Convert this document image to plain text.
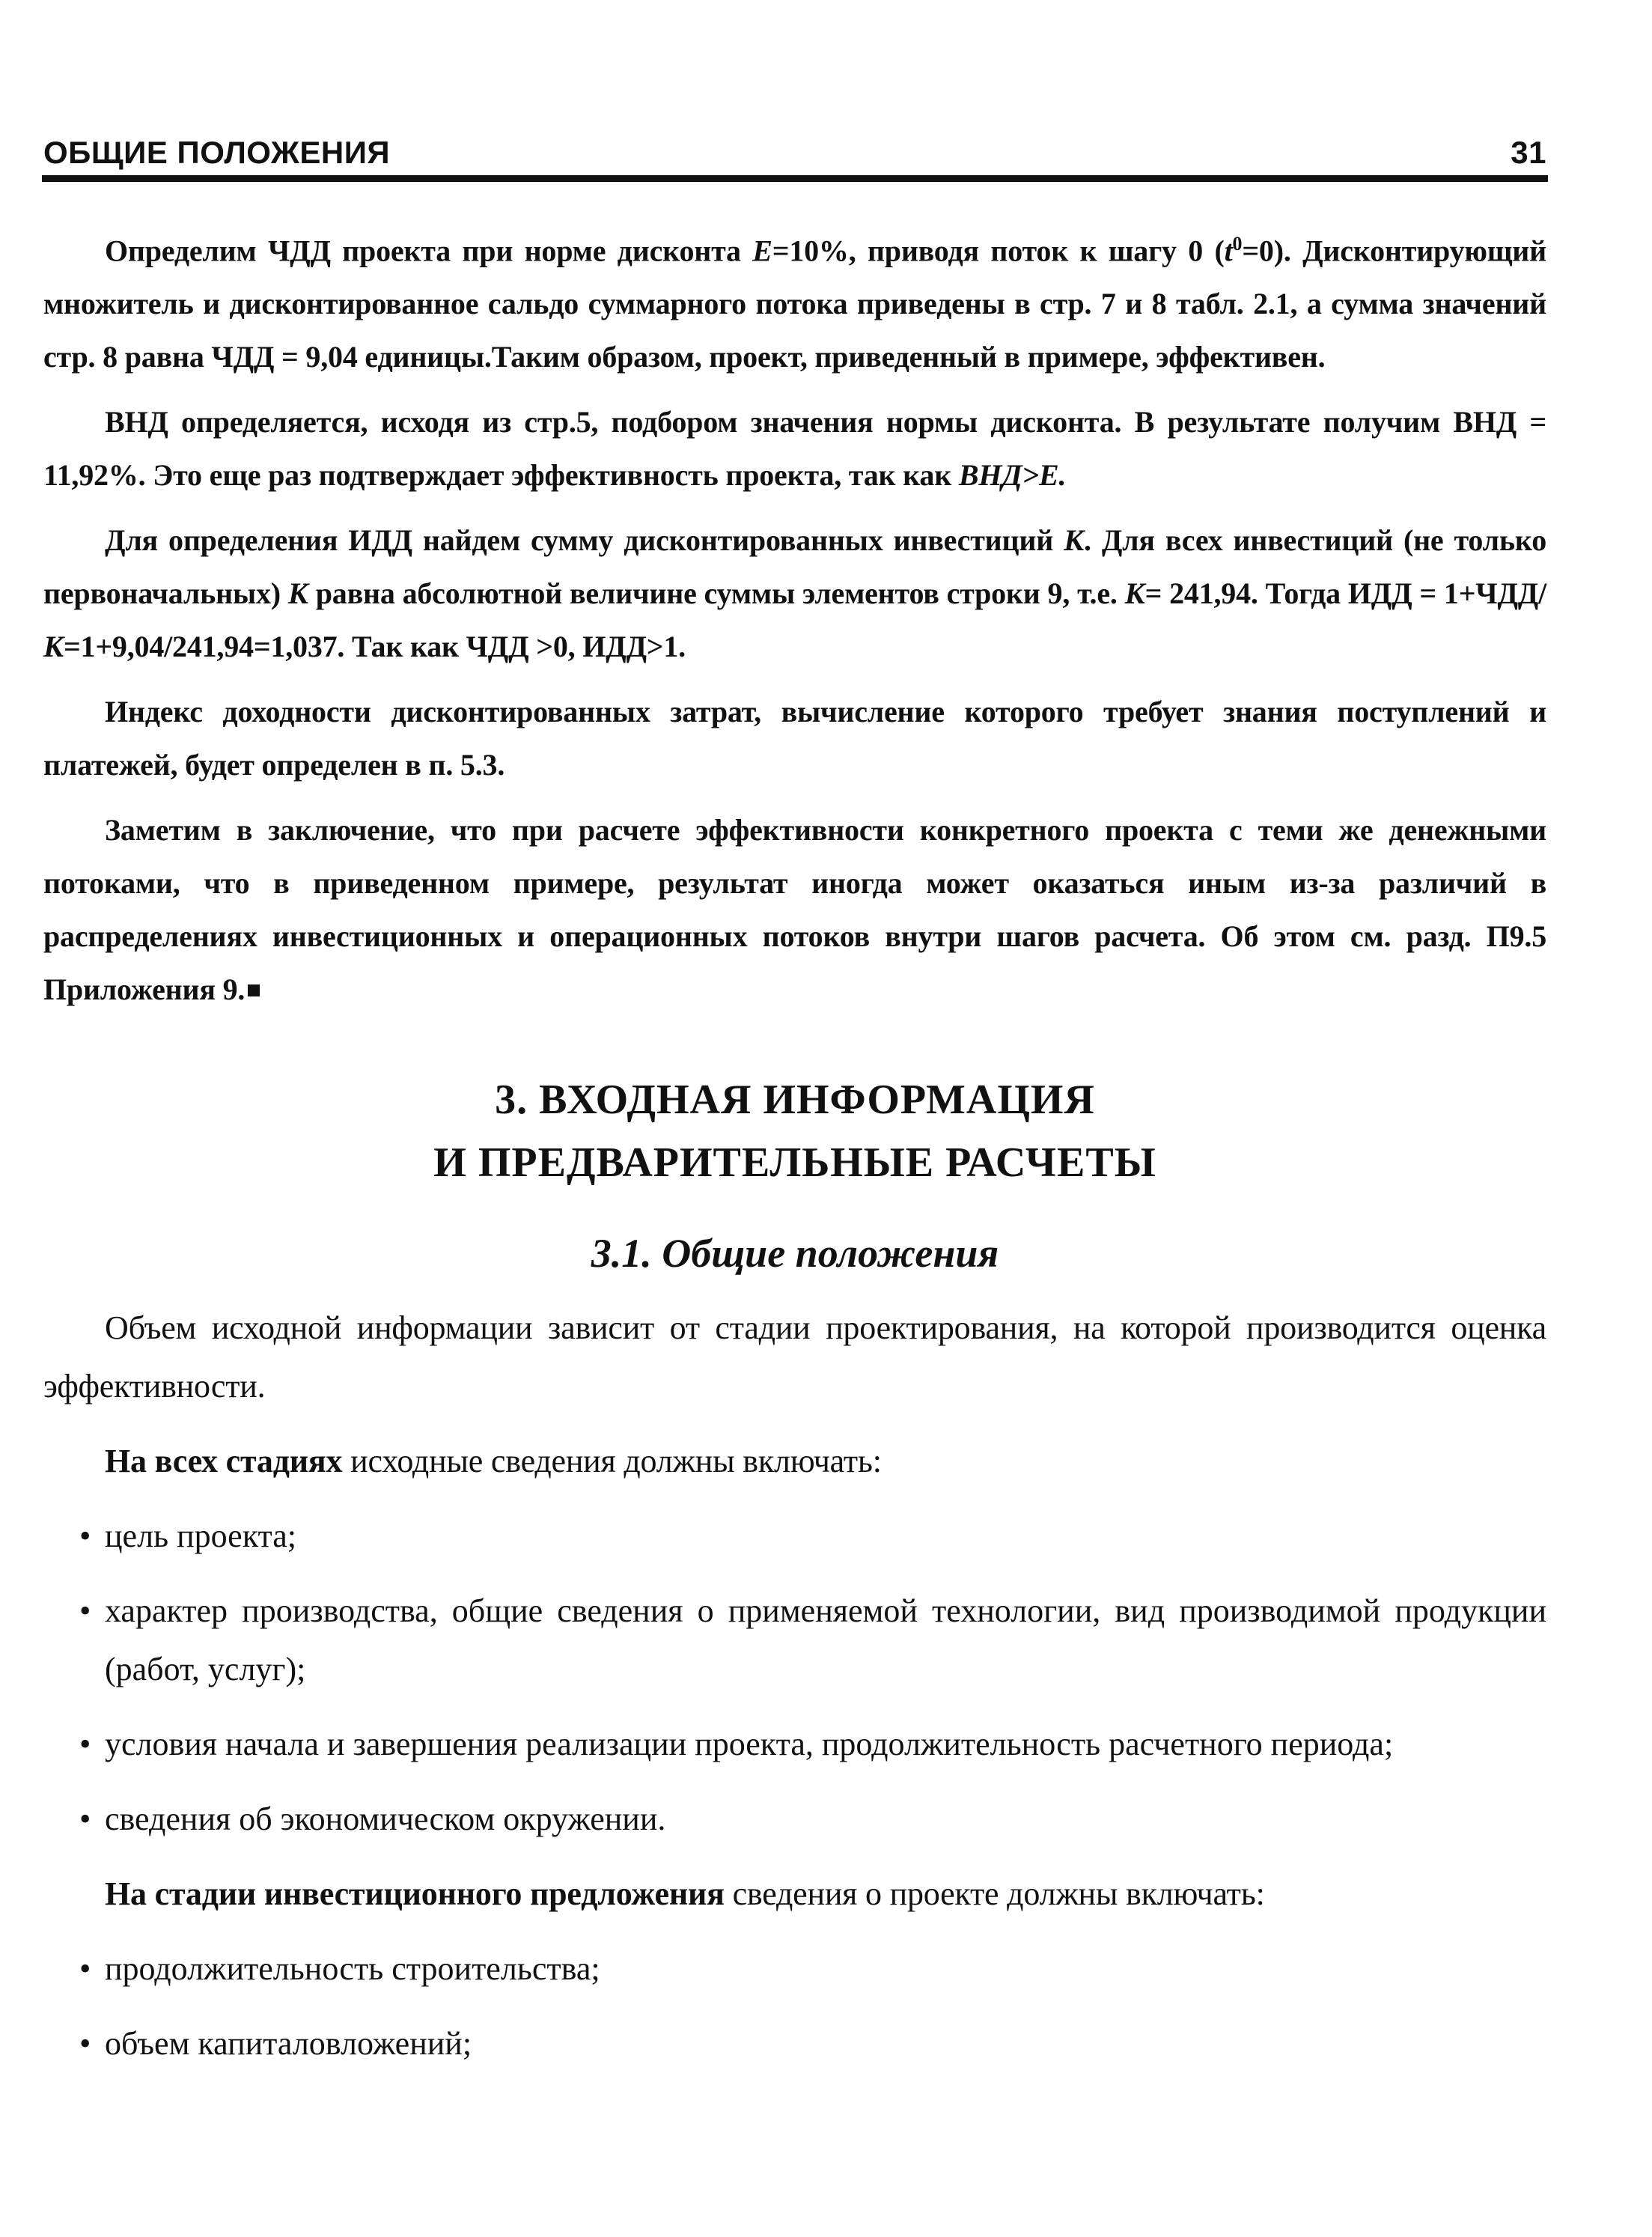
ОБЩИЕ ПОЛОЖЕНИЯ	31

Определим ЧДД проекта при норме дисконта E=10%, приводя поток к шагу 0 $(t^0=0)$. Дисконтирующий множитель и дисконтированное сальдо суммарного потока приведены в стр. 7 и 8 табл. 2.1, а сумма значений стр. 8 равна ЧДД = 9,04 единицы.Таким образом, проект, приведенный в примере, эффективен.

ВНД определяется, исходя из стр.5, подбором значения нормы дисконта. В результате получим ВНД = 11,92%. Это еще раз подтверждает эффективность проекта, так как ВНД>Е.

Для определения ИДД найдем сумму дисконтированных инвестиций К. Для всех инвестиций (не только первоначальных) К равна абсолютной величине суммы элементов строки 9, т.е. К= 241,94. Тогда ИДД = 1+ЧДД/К=1+9,04/241,94=1,037. Так как ЧДД >0, ИДД>1.

Индекс доходности дисконтированных затрат, вычисление которого требует знания поступлений и платежей, будет определен в п. 5.3.

Заметим в заключение, что при расчете эффективности конкретного проекта с теми же денежными потоками, что в приведенном примере, результат иногда может оказаться иным из-за различий в распределениях инвестиционных и операционных потоков внутри шагов расчета. Об этом см. разд. П9.5 Приложения 9.

3. ВХОДНАЯ ИНФОРМАЦИЯ
И ПРЕДВАРИТЕЛЬНЫЕ РАСЧЕТЫ
3.1. Общие положения

Объем исходной информации зависит от стадии проектирования, на которой производится оценка эффективности.

На всех стадиях исходные сведения должны включать:

• цель проекта;
• характер производства, общие сведения о применяемой технологии, вид производимой продукции (работ, услуг);
• условия начала и завершения реализации проекта, продолжительность расчетного периода;
• сведения об экономическом окружении.

На стадии инвестиционного предложения сведения о проекте должны включать:

• продолжительность строительства;
• объем капиталовложений;
